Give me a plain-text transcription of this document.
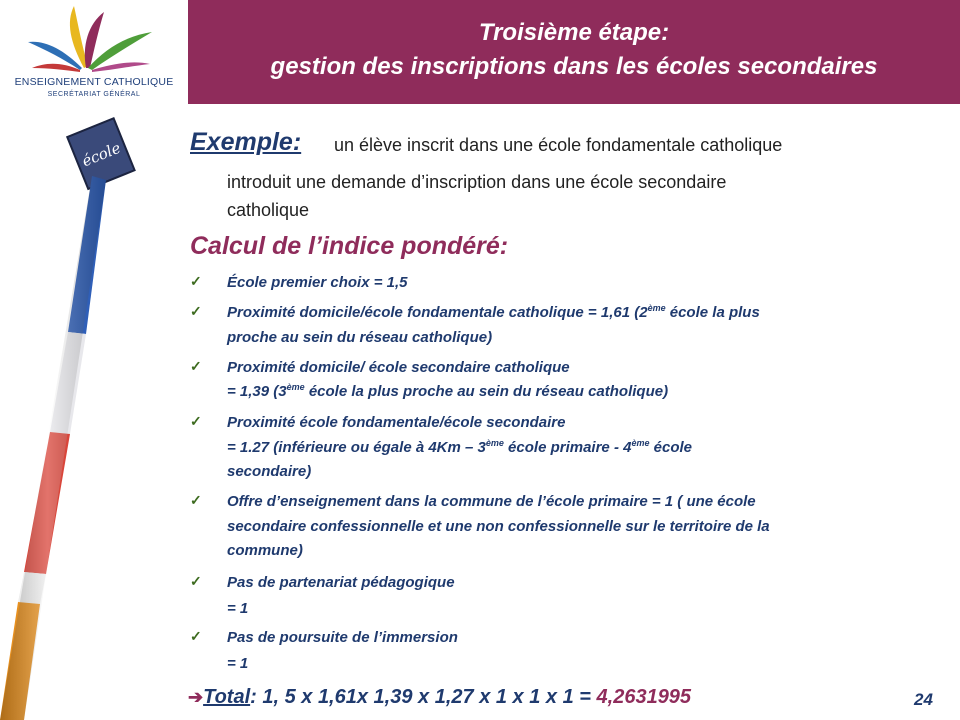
ENSEIGNEMENT CATHOLIQUE
SECRÉTARIAT GÉNÉRAL
Troisième étape:
gestion des inscriptions dans les écoles secondaires
école	Exemple: un élève inscrit dans une école fondamentale catholique
introduit une demande d’inscription dans une école secondaire
catholique
Calcul de l’indice pondéré:
✓ École premier choix = 1,5
✓ Proximité domicile/école fondamentale catholique = 1,61 (2ème école la plus
proche au sein du réseau catholique)
✓ Proximité domicile/ école secondaire catholique
= 1,39 (3ème école la plus proche au sein du réseau catholique)
✓ Proximité école fondamentale/école secondaire
= 1.27 (inférieure ou égale à 4Km – 3ème école primaire - 4ème école
secondaire)
✓ Offre d’enseignement dans la commune de l’école primaire = 1 ( une école
secondaire confessionnelle et une non confessionnelle sur le territoire de la
commune)
✓ Pas de partenariat pédagogique
= 1
✓ Pas de poursuite de l’immersion
= 1
➔Total: 1, 5 x 1,61x 1,39 x 1,27 x 1 x 1 x 1 = 4,2631995	24
